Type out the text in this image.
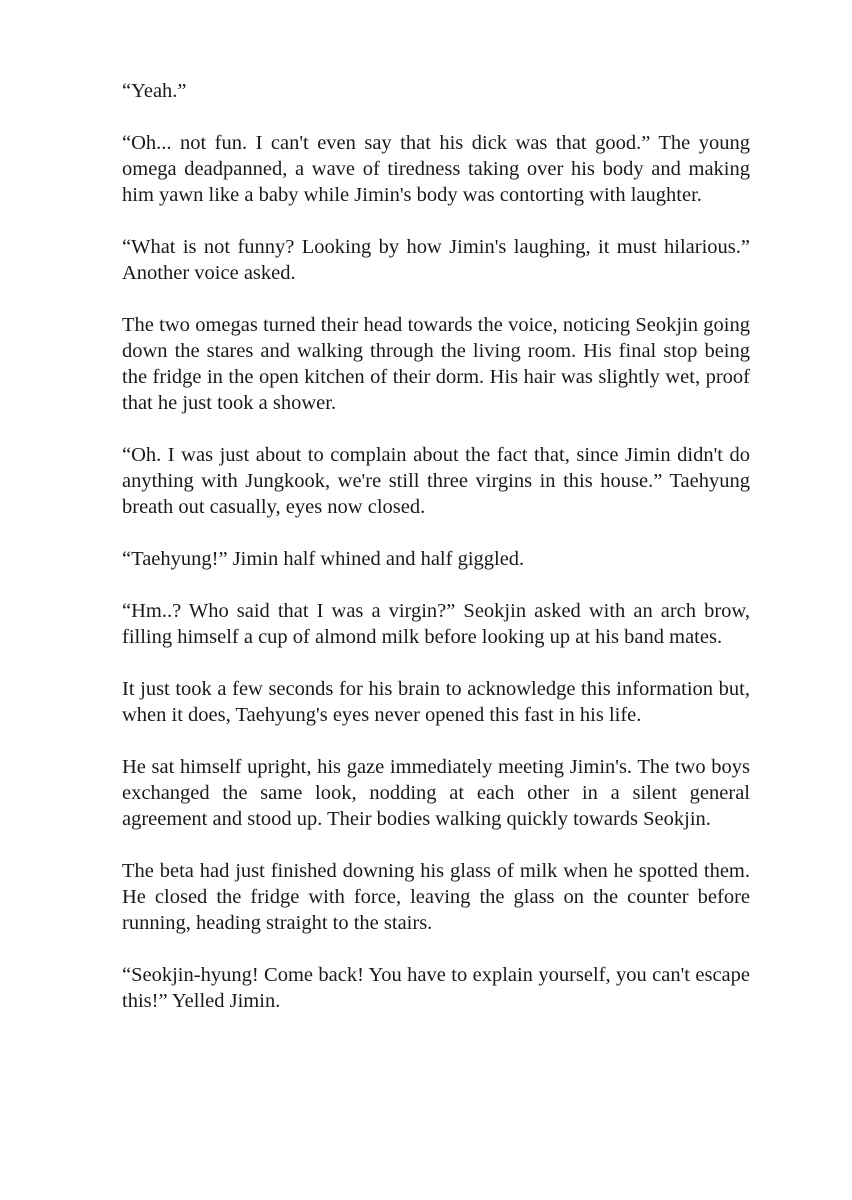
“Yeah.”

“Oh... not fun. I can't even say that his dick was that good.” The young omega deadpanned, a wave of tiredness taking over his body and making him yawn like a baby while Jimin's body was contorting with laughter.

“What is not funny? Looking by how Jimin's laughing, it must hilarious.” Another voice asked.

The two omegas turned their head towards the voice, noticing Seokjin going down the stares and walking through the living room. His final stop being the fridge in the open kitchen of their dorm. His hair was slightly wet, proof that he just took a shower.

“Oh. I was just about to complain about the fact that, since Jimin didn't do anything with Jungkook, we're still three virgins in this house.” Taehyung breath out casually, eyes now closed.

“Taehyung!” Jimin half whined and half giggled.

“Hm..? Who said that I was a virgin?” Seokjin asked with an arch brow, filling himself a cup of almond milk before looking up at his band mates.

It just took a few seconds for his brain to acknowledge this information but, when it does, Taehyung's eyes never opened this fast in his life.

He sat himself upright, his gaze immediately meeting Jimin's. The two boys exchanged the same look, nodding at each other in a silent general agreement and stood up. Their bodies walking quickly towards Seokjin.

The beta had just finished downing his glass of milk when he spotted them. He closed the fridge with force, leaving the glass on the counter before running, heading straight to the stairs.

“Seokjin-hyung! Come back! You have to explain yourself, you can't escape this!” Yelled Jimin.
